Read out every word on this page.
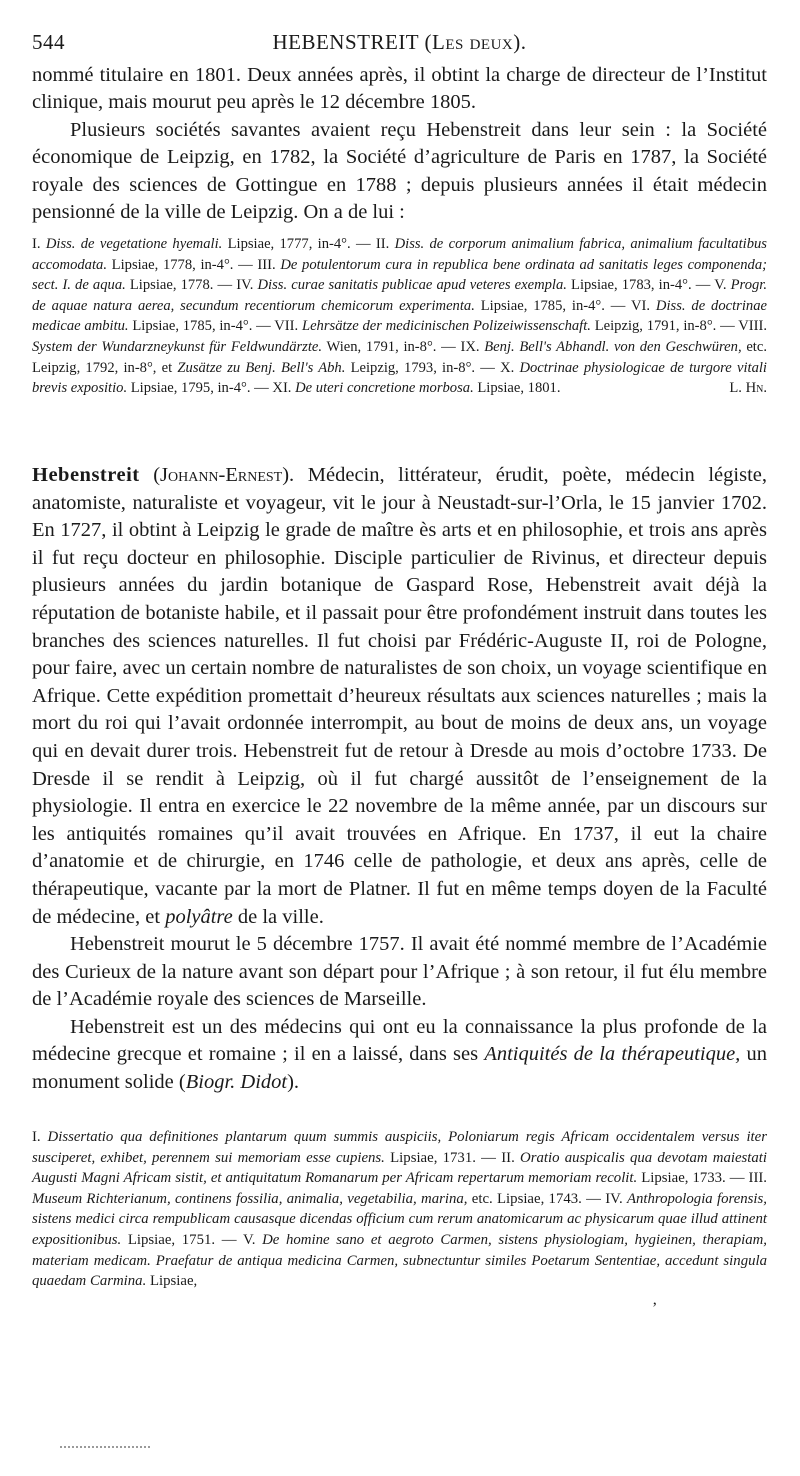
544	HEBENSTREIT (Les deux).

nommé titulaire en 1801. Deux années après, il obtint la charge de directeur de l’Institut clinique, mais mourut peu après le 12 décembre 1805.

Plusieurs sociétés savantes avaient reçu Hebenstreit dans leur sein : la Société économique de Leipzig, en 1782, la Société d’agriculture de Paris en 1787, la Société royale des sciences de Gottingue en 1788 ; depuis plusieurs années il était médecin pensionné de la ville de Leipzig. On a de lui :

I. Diss. de vegetatione hyemali. Lipsiae, 1777, in-4°. — II. Diss. de corporum animalium fabrica, animalium facultatibus accomodata. Lipsiae, 1778, in-4°. — III. De potulentorum cura in republica bene ordinata ad sanitatis leges componenda; sect. I. de aqua. Lipsiae, 1778. — IV. Diss. curae sanitatis publicae apud veteres exempla. Lipsiae, 1783, in-4°. — V. Progr. de aquae natura aerea, secundum recentiorum chemicorum experimenta. Lipsiae, 1785, in-4°. — VI. Diss. de doctrinae medicae ambitu. Lipsiae, 1785, in-4°. — VII. Lehrsätze der medicinischen Polizeiwissenschaft. Leipzig, 1791, in-8°. — VIII. System der Wundarzneykunst für Feldwundärzte. Wien, 1791, in-8°. — IX. Benj. Bell's Abhandl. von den Geschwüren, etc. Leipzig, 1792, in-8°, et Zusätze zu Benj. Bell's Abh. Leipzig, 1793, in-8°. — X. Doctrinae physiologicae de turgore vitali brevis expositio. Lipsiae, 1795, in-4°. — XI. De uteri concretione morbosa. Lipsiae, 1801.	L. Hn.

Hebenstreit (Johann-Ernest). Médecin, littérateur, érudit, poète, médecin légiste, anatomiste, naturaliste et voyageur, vit le jour à Neustadt-sur-l’Orla, le 15 janvier 1702. En 1727, il obtint à Leipzig le grade de maître ès arts et en philosophie, et trois ans après il fut reçu docteur en philosophie. Disciple particulier de Rivinus, et directeur depuis plusieurs années du jardin botanique de Gaspard Rose, Hebenstreit avait déjà la réputation de botaniste habile, et il passait pour être profondément instruit dans toutes les branches des sciences naturelles. Il fut choisi par Frédéric-Auguste II, roi de Pologne, pour faire, avec un certain nombre de naturalistes de son choix, un voyage scientifique en Afrique. Cette expédition promettait d’heureux résultats aux sciences naturelles ; mais la mort du roi qui l’avait ordonnée interrompit, au bout de moins de deux ans, un voyage qui en devait durer trois. Hebenstreit fut de retour à Dresde au mois d’octobre 1733. De Dresde il se rendit à Leipzig, où il fut chargé aussitôt de l’enseignement de la physiologie. Il entra en exercice le 22 novembre de la même année, par un discours sur les antiquités romaines qu’il avait trouvées en Afrique. En 1737, il eut la chaire d’anatomie et de chirurgie, en 1746 celle de pathologie, et deux ans après, celle de thérapeutique, vacante par la mort de Platner. Il fut en même temps doyen de la Faculté de médecine, et polyâtre de la ville.

Hebenstreit mourut le 5 décembre 1757. Il avait été nommé membre de l’Académie des Curieux de la nature avant son départ pour l’Afrique ; à son retour, il fut élu membre de l’Académie royale des sciences de Marseille.

Hebenstreit est un des médecins qui ont eu la connaissance la plus profonde de la médecine grecque et romaine ; il en a laissé, dans ses Antiquités de la thérapeutique, un monument solide (Biogr. Didot).

I. Dissertatio qua definitiones plantarum quum summis auspiciis, Poloniarum regis Africam occidentalem versus iter susciperet, exhibet, perennem sui memoriam esse cupiens. Lipsiae, 1731. — II. Oratio auspicalis qua devotam maiestati Augusti Magni Africam sistit, et antiquitatum Romanarum per Africam repertarum memoriam recolit. Lipsiae, 1733. — III. Museum Richterianum, continens fossilia, animalia, vegetabilia, marina, etc. Lipsiae, 1743. — IV. Anthropologia forensis, sistens medici circa rempublicam causasque dicendas officium cum rerum anatomicarum ac physicarum quae illud attinent expositionibus. Lipsiae, 1751. — V. De homine sano et aegroto Carmen, sistens physiologiam, hygieinen, therapiam, materiam medicam. Praefatur de antiqua medicina Carmen, subnectuntur similes Poetarum Sententiae, accedunt singula quaedam Carmina. Lipsiae,

ʼ
